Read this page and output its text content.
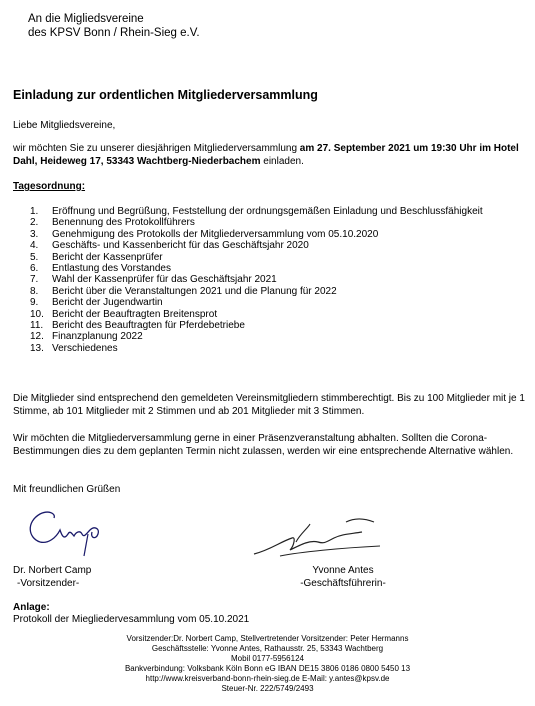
An die Migliedsvereine
des KPSV Bonn / Rhein-Sieg e.V.
Einladung zur ordentlichen Mitgliederversammlung
Liebe Mitgliedsvereine,
wir möchten Sie zu unserer diesjährigen Mitgliederversammlung am 27. September 2021 um 19:30 Uhr im Hotel Dahl, Heideweg 17, 53343 Wachtberg-Niederbachem einladen.
Tagesordnung:
1.	Eröffnung und Begrüßung, Feststellung der ordnungsgemäßen Einladung und Beschlussfähigkeit
2.	Benennung des Protokollführers
3.	Genehmigung des Protokolls der Mitgliederversammlung vom 05.10.2020
4.	Geschäfts- und Kassenbericht für das Geschäftsjahr 2020
5.	Bericht der Kassenprüfer
6.	Entlastung des Vorstandes
7.	Wahl der Kassenprüfer für das Geschäftsjahr 2021
8.	Bericht über die Veranstaltungen 2021 und die Planung für 2022
9.	Bericht der Jugendwartin
10. Bericht der Beauftragten Breitensprot
11. Bericht des Beauftragten für Pferdebetriebe
12. Finanzplanung 2022
13. Verschiedenes
Die Mitglieder sind entsprechend den gemeldeten Vereinsmitgliedern stimmberechtigt. Bis zu 100 Mitglieder mit je 1 Stimme, ab 101 Mitglieder mit 2 Stimmen und ab 201 Mitglieder mit 3 Stimmen.
Wir möchten die Mitgliederversammlung gerne in einer Präsenzveranstaltung abhalten. Sollten die Corona-Bestimmungen dies zu dem geplanten Termin nicht zulassen, werden wir eine entsprechende Alternative wählen.
Mit freundlichen Grüßen
Dr. Norbert Camp
-Vorsitzender-
Yvonne Antes
-Geschäftsführerin-
Anlage:
Protokoll der Miegliedervesammlung vom 05.10.2021
Vorsitzender:Dr. Norbert Camp, Stellvertretender Vorsitzender: Peter Hermanns
Geschäftsstelle: Yvonne Antes, Rathausstr. 25, 53343 Wachtberg
Mobil 0177-5956124
Bankverbindung: Volksbank Köln Bonn eG IBAN DE15 3806 0186 0800 5450 13
http://www.kreisverband-bonn-rhein-sieg.de E-Mail: y.antes@kpsv.de
Steuer-Nr. 222/5749/2493
